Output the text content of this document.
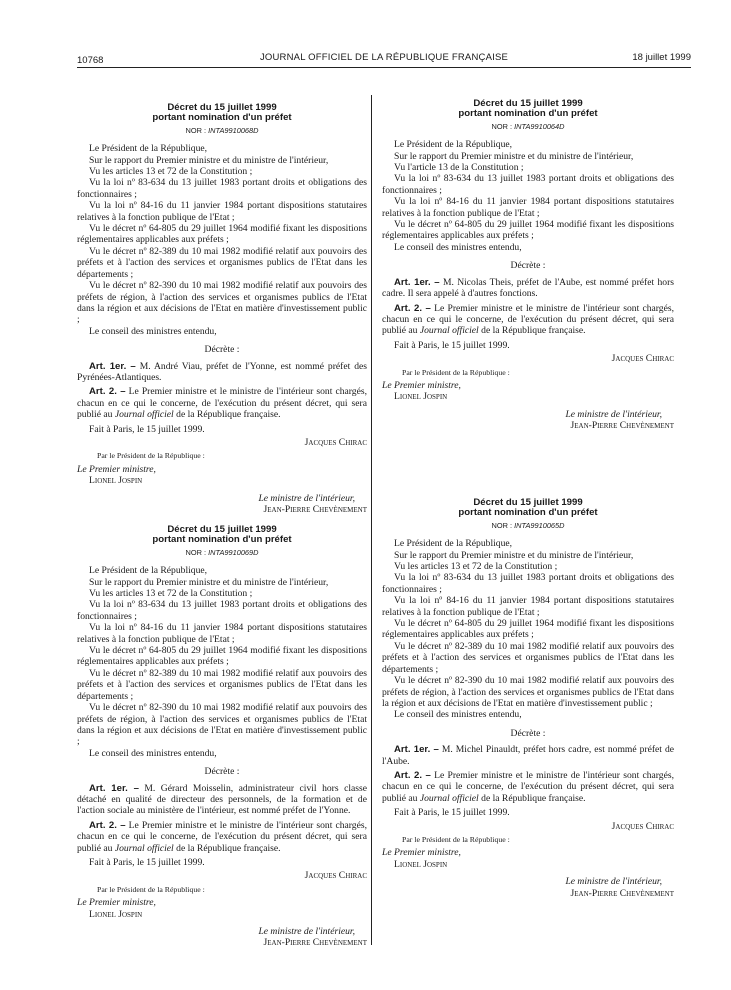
10768	JOURNAL OFFICIEL DE LA RÉPUBLIQUE FRANÇAISE	18 juillet 1999
Décret du 15 juillet 1999
portant nomination d'un préfet
NOR : INTA9910068D

Le Président de la République,

Sur le rapport du Premier ministre et du ministre de l'intérieur,

Vu les articles 13 et 72 de la Constitution ;

Vu la loi nº 83-634 du 13 juillet 1983 portant droits et obligations des fonctionnaires ;

Vu la loi nº 84-16 du 11 janvier 1984 portant dispositions statutaires relatives à la fonction publique de l'Etat ;

Vu le décret nº 64-805 du 29 juillet 1964 modifié fixant les dispositions réglementaires applicables aux préfets ;

Vu le décret nº 82-389 du 10 mai 1982 modifié relatif aux pouvoirs des préfets et à l'action des services et organismes publics de l'Etat dans les départements ;

Vu le décret nº 82-390 du 10 mai 1982 modifié relatif aux pouvoirs des préfets de région, à l'action des services et organismes publics de l'Etat dans la région et aux décisions de l'Etat en matière d'investissement public ;

Le conseil des ministres entendu,

Décrète :

Art. 1er. – M. André Viau, préfet de l'Yonne, est nommé préfet des Pyrénées-Atlantiques.

Art. 2. – Le Premier ministre et le ministre de l'intérieur sont chargés, chacun en ce qui le concerne, de l'exécution du présent décret, qui sera publié au Journal officiel de la République française.

Fait à Paris, le 15 juillet 1999.

Jacques Chirac

Par le Président de la République :

Le Premier ministre,

Lionel Jospin

Le ministre de l'intérieur,

Jean-Pierre Chevènement

Décret du 15 juillet 1999
portant nomination d'un préfet
NOR : INTA9910069D

Le Président de la République,

Sur le rapport du Premier ministre et du ministre de l'intérieur,

Vu les articles 13 et 72 de la Constitution ;

Vu la loi nº 83-634 du 13 juillet 1983 portant droits et obligations des fonctionnaires ;

Vu la loi nº 84-16 du 11 janvier 1984 portant dispositions statutaires relatives à la fonction publique de l'Etat ;

Vu le décret nº 64-805 du 29 juillet 1964 modifié fixant les dispositions réglementaires applicables aux préfets ;

Vu le décret nº 82-389 du 10 mai 1982 modifié relatif aux pouvoirs des préfets et à l'action des services et organismes publics de l'Etat dans les départements ;

Vu le décret nº 82-390 du 10 mai 1982 modifié relatif aux pouvoirs des préfets de région, à l'action des services et organismes publics de l'Etat dans la région et aux décisions de l'Etat en matière d'investissement public ;

Le conseil des ministres entendu,

Décrète :

Art. 1er. – M. Gérard Moisselin, administrateur civil hors classe détaché en qualité de directeur des personnels, de la formation et de l'action sociale au ministère de l'intérieur, est nommé préfet de l'Yonne.

Art. 2. – Le Premier ministre et le ministre de l'intérieur sont chargés, chacun en ce qui le concerne, de l'exécution du présent décret, qui sera publié au Journal officiel de la République française.

Fait à Paris, le 15 juillet 1999.

Jacques Chirac

Par le Président de la République :

Le Premier ministre,

Lionel Jospin

Le ministre de l'intérieur,

Jean-Pierre Chevènement

Décret du 15 juillet 1999
portant nomination d'un préfet
NOR : INTA9910064D

Le Président de la République,

Sur le rapport du Premier ministre et du ministre de l'intérieur,

Vu l'article 13 de la Constitution ;

Vu la loi nº 83-634 du 13 juillet 1983 portant droits et obligations des fonctionnaires ;

Vu la loi nº 84-16 du 11 janvier 1984 portant dispositions statutaires relatives à la fonction publique de l'Etat ;

Vu le décret nº 64-805 du 29 juillet 1964 modifié fixant les dispositions réglementaires applicables aux préfets ;

Le conseil des ministres entendu,

Décrète :

Art. 1er. – M. Nicolas Theis, préfet de l'Aube, est nommé préfet hors cadre. Il sera appelé à d'autres fonctions.

Art. 2. – Le Premier ministre et le ministre de l'intérieur sont chargés, chacun en ce qui le concerne, de l'exécution du présent décret, qui sera publié au Journal officiel de la République française.

Fait à Paris, le 15 juillet 1999.

Jacques Chirac

Par le Président de la République :

Le Premier ministre,

Lionel Jospin

Le ministre de l'intérieur,

Jean-Pierre Chevènement

Décret du 15 juillet 1999
portant nomination d'un préfet
NOR : INTA9910065D

Le Président de la République,

Sur le rapport du Premier ministre et du ministre de l'intérieur,

Vu les articles 13 et 72 de la Constitution ;

Vu la loi nº 83-634 du 13 juillet 1983 portant droits et obligations des fonctionnaires ;

Vu la loi nº 84-16 du 11 janvier 1984 portant dispositions statutaires relatives à la fonction publique de l'Etat ;

Vu le décret nº 64-805 du 29 juillet 1964 modifié fixant les dispositions réglementaires applicables aux préfets ;

Vu le décret nº 82-389 du 10 mai 1982 modifié relatif aux pouvoirs des préfets et à l'action des services et organismes publics de l'Etat dans les départements ;

Vu le décret nº 82-390 du 10 mai 1982 modifié relatif aux pouvoirs des préfets de région, à l'action des services et organismes publics de l'Etat dans la région et aux décisions de l'Etat en matière d'investissement public ;

Le conseil des ministres entendu,

Décrète :

Art. 1er. – M. Michel Pinauldt, préfet hors cadre, est nommé préfet de l'Aube.

Art. 2. – Le Premier ministre et le ministre de l'intérieur sont chargés, chacun en ce qui le concerne, de l'exécution du présent décret, qui sera publié au Journal officiel de la République française.

Fait à Paris, le 15 juillet 1999.

Jacques Chirac

Par le Président de la République :

Le Premier ministre,

Lionel Jospin

Le ministre de l'intérieur,

Jean-Pierre Chevènement
